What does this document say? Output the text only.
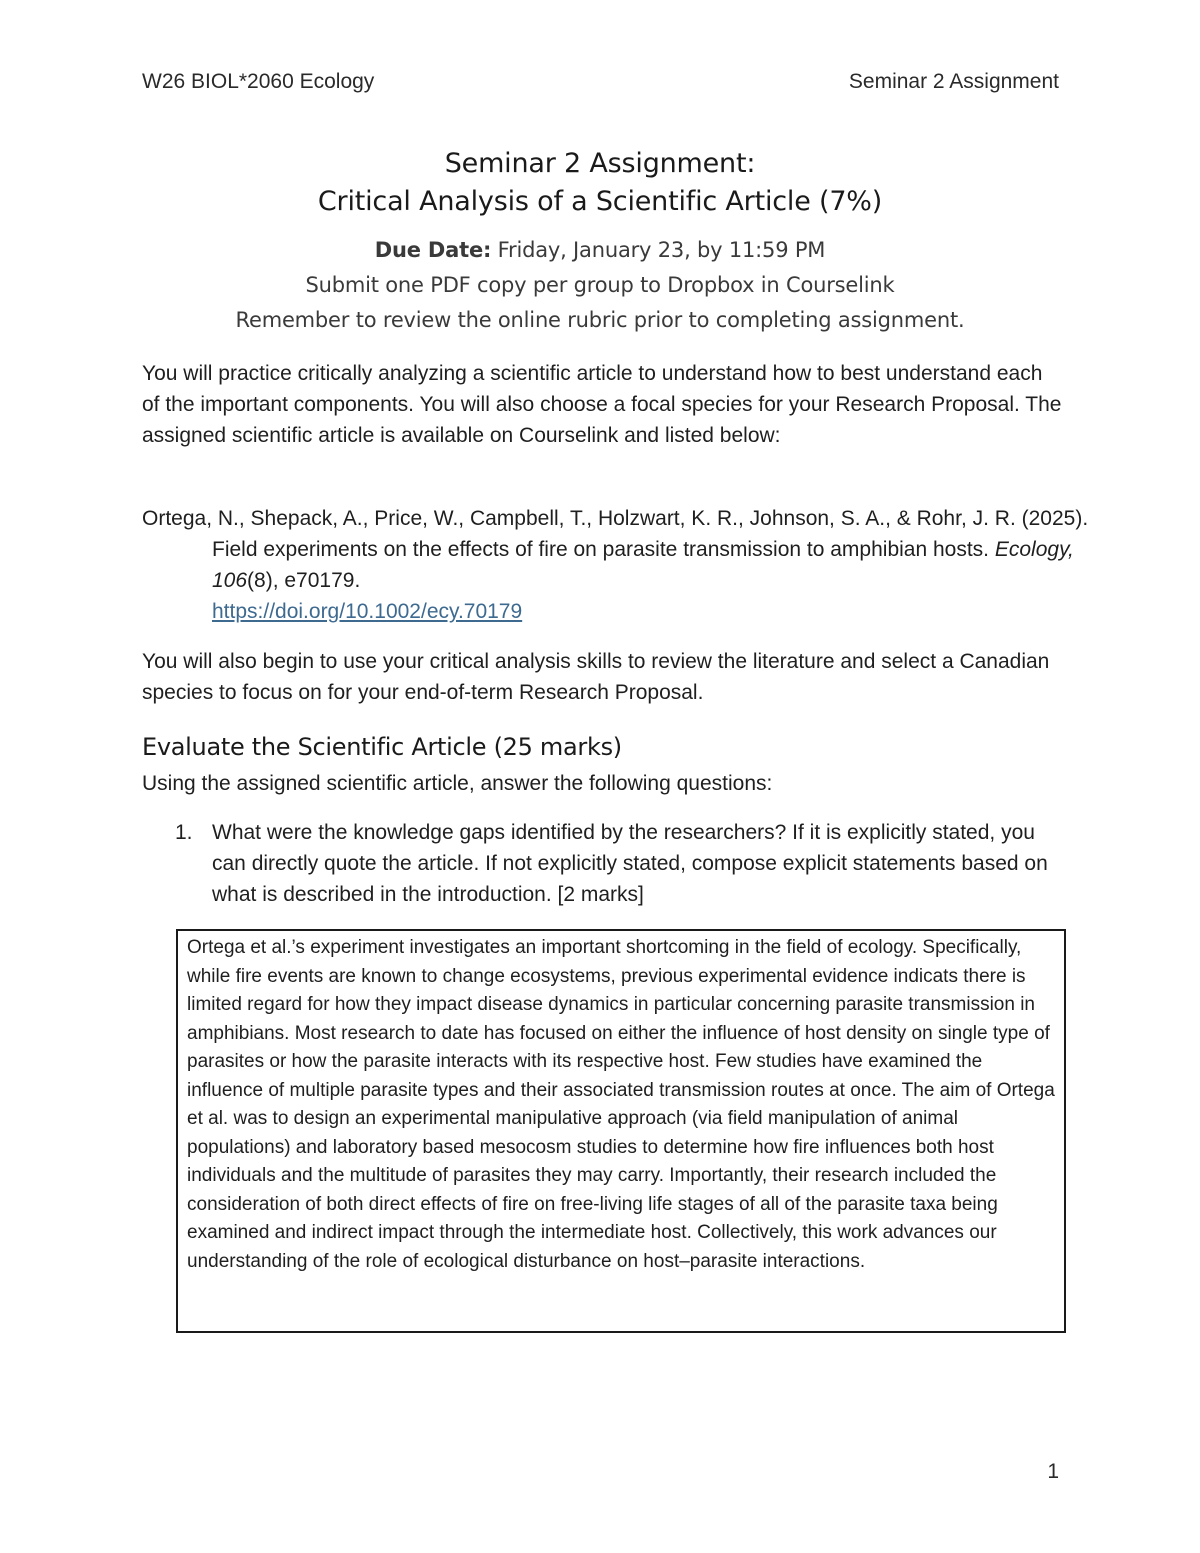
W26 BIOL*2060 Ecology	Seminar 2 Assignment
Seminar 2 Assignment:
Critical Analysis of a Scientific Article (7%)
Due Date: Friday, January 23, by 11:59 PM
Submit one PDF copy per group to Dropbox in Courselink
Remember to review the online rubric prior to completing assignment.

You will practice critically analyzing a scientific article to understand how to best understand each of the important components. You will also choose a focal species for your Research Proposal. The assigned scientific article is available on Courselink and listed below:

Ortega, N., Shepack, A., Price, W., Campbell, T., Holzwart, K. R., Johnson, S. A., & Rohr, J. R. (2025). Field experiments on the effects of fire on parasite transmission to amphibian hosts. Ecology, 106(8), e70179.
https://doi.org/10.1002/ecy.70179

You will also begin to use your critical analysis skills to review the literature and select a Canadian species to focus on for your end-of-term Research Proposal.

Evaluate the Scientific Article (25 marks)
Using the assigned scientific article, answer the following questions:
1. What were the knowledge gaps identified by the researchers? If it is explicitly stated, you can directly quote the article. If not explicitly stated, compose explicit statements based on what is described in the introduction. [2 marks]
Ortega et al.’s experiment investigates an important shortcoming in the field of ecology. Specifically, while fire events are known to change ecosystems, previous experimental evidence indicats there is limited regard for how they impact disease dynamics in particular concerning parasite transmission in amphibians. Most research to date has focused on either the influence of host density on single type of parasites or how the parasite interacts with its respective host. Few studies have examined the influence of multiple parasite types and their associated transmission routes at once. The aim of Ortega et al. was to design an experimental manipulative approach (via field manipulation of animal populations) and laboratory based mesocosm studies to determine how fire influences both host individuals and the multitude of parasites they may carry. Importantly, their research included the consideration of both direct effects of fire on free-living life stages of all of the parasite taxa being examined and indirect impact through the intermediate host. Collectively, this work advances our understanding of the role of ecological disturbance on host–parasite interactions.
1
